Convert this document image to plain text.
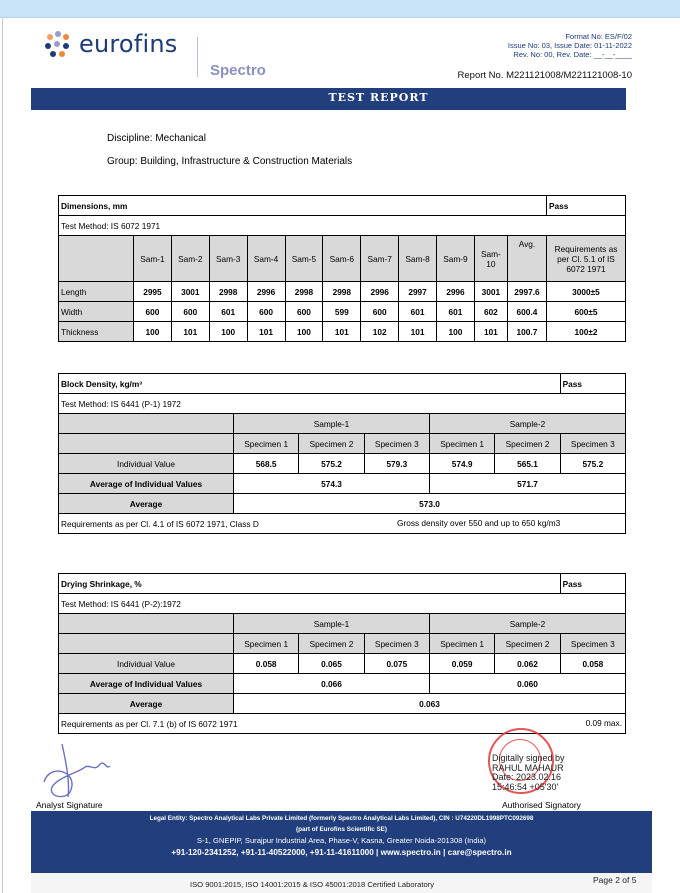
eurofins
Spectro
Format No: ES/F/02
Issue No: 03, Issue Date: 01-11-2022
Rev. No: 00, Rev. Date: __-__-____
Report No. M221121008/M221121008-10
TEST REPORT
Discipline: Mechanical
Group: Building, Infrastructure & Construction Materials
Dimensions, mm												Pass
Test Method: IS 6072 1971												
	Sam-1	Sam-2	Sam-3	Sam-4	Sam-5	Sam-6	Sam-7	Sam-8	Sam-9	Sam-10	Avg.	Requirements as per Cl. 5.1 of IS 6072 1971
Length	2995	3001	2998	2996	2998	2998	2996	2997	2996	3001	2997.6	3000±5
Width	600	600	601	600	600	599	600	601	601	602	600.4	600±5
Thickness	100	101	100	101	100	101	102	101	100	101	100.7	100±2
Block Density, kg/m³						Pass
Test Method: IS 6441 (P-1) 1972						
	Sample-1			Sample-2		
	Specimen 1	Specimen 2	Specimen 3	Specimen 1	Specimen 2	Specimen 3
Individual Value	568.5	575.2	579.3	574.9	565.1	575.2
Average of Individual Values	574.3			571.7		
Average	573.0					
Requirements as per Cl. 4.1 of IS 6072 1971, Class D Gross density over 550 and up to 650 kg/m3						
Drying Shrinkage, %						Pass
Test Method: IS 6441 (P-2):1972						
	Sample-1			Sample-2		
	Specimen 1	Specimen 2	Specimen 3	Specimen 1	Specimen 2	Specimen 3
Individual Value	0.058	0.065	0.075	0.059	0.062	0.058
Average of Individual Values	0.066			0.060		
Average	0.063					
Requirements as per Cl. 7.1 (b) of IS 6072 1971 0.09 max.						
Analyst Signature
Digitally signed by
RAHUL MAHAUR
Date: 2023.02.16
15:46:54 +05'30'
Authorised Signatory
Legal Entity: Spectro Analytical Labs Private Limited (formerly Spectro Analytical Labs Limited), CIN : U74220DL1998PTC092698
(part of Eurofins Scientific SE)
S-1, GNEPIP, Surajpur Industrial Area, Phase-V, Kasna, Greater Noida-201308 (India)
+91-120-2341252, +91-11-40522000, +91-11-41611000 | www.spectro.in | care@spectro.in
ISO 9001:2015, ISO 14001:2015 & ISO 45001:2018 Certified Laboratory	Page 2 of 5
